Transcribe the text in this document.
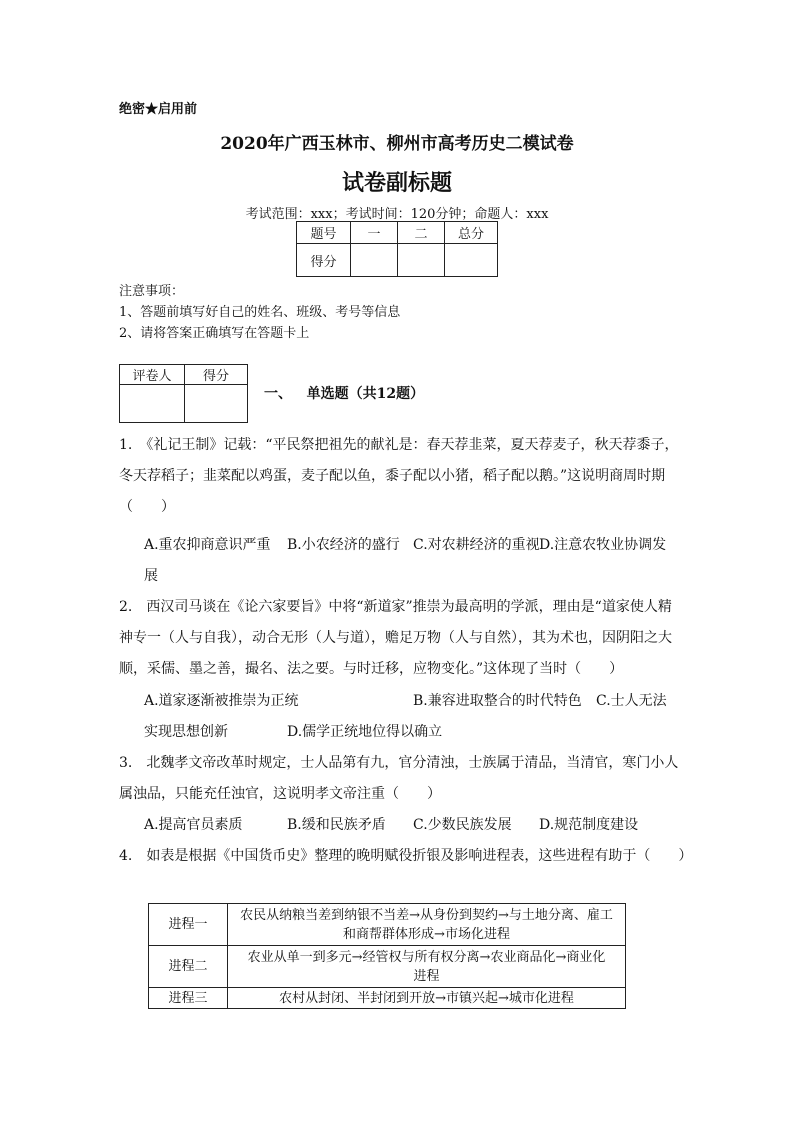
绝密★启用前
2020年广西玉林市、柳州市高考历史二模试卷
试卷副标题
考试范围：xxx；考试时间：120分钟；命题人：xxx
题号	一	二	总分
得分			
注意事项：
1、答题前填写好自己的姓名、班级、考号等信息
2、请将答案正确填写在答题卡上
评卷人	得分

一、 单选题（共12题）
1.　《礼记王制》记载：“平民祭把祖先的献礼是：春天荐韭菜，夏天荐麦子，秋天荐黍子，
冬天荐稻子；韭菜配以鸡蛋，麦子配以鱼，黍子配以小猪，稻子配以鹅。”这说明商周时期
（　　）
A.重农抑商意识严重 B.小农经济的盛行 C.对农耕经济的重视 D.注意农牧业协调发
展
2.　西汉司马谈在《论六家要旨》中将“新道家”推崇为最高明的学派，理由是“道家使人精
神专一（人与自我），动合无形（人与道），赡足万物（人与自然），其为术也，因阴阳之大
顺，采儒、墨之善，撮名、法之要。与时迁移，应物变化。”这体现了当时（　　）
A.道家逐渐被推崇为正统	B.兼容进取整合的时代特色 C.士人无法
实现思想创新	D.儒学正统地位得以确立
3.　北魏孝文帝改革时规定，士人品第有九，官分清浊，士族属于清品，当清官，寒门小人
属浊品，只能充任浊官，这说明孝文帝注重（　　）
A.提高官员素质	B.缓和民族矛盾 C.少数民族发展 D.规范制度建设
4.　如表是根据《中国货币史》整理的晚明赋役折银及影响进程表，这些进程有助于（　　）
进程一	农民从纳粮当差到纳银不当差→从身份到契约→与土地分离、雇工
和商帮群体形成→市场化进程

进程二	农业从单一到多元→经管权与所有权分离→农业商品化→商业化
进程

进程三	农村从封闭、半封闭到开放→市镇兴起→城市化进程
